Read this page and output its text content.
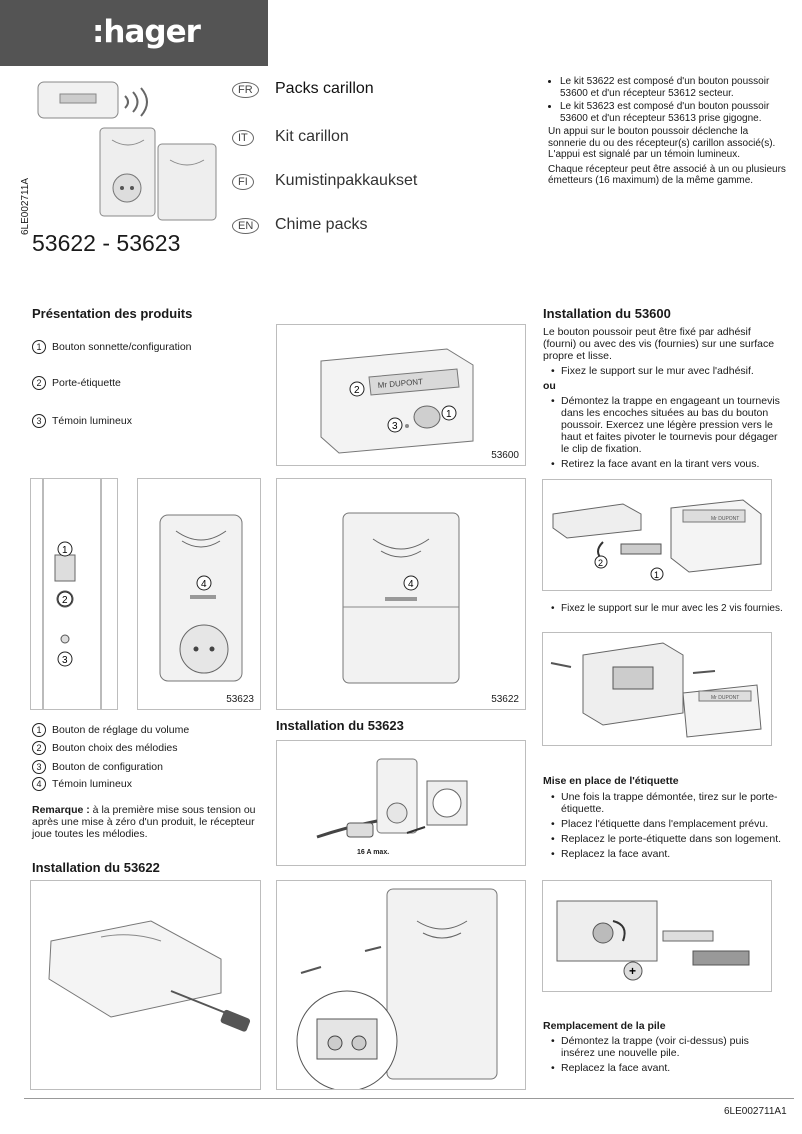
:hager
6LE002711A
53622 - 53623
FR	Packs carillon
IT	Kit carillon
FI	Kumistinpakkaukset
EN	Chime packs
• Le kit 53622 est composé d'un bouton poussoir 53600 et d'un récepteur 53612 secteur.
• Le kit 53623 est composé d'un bouton poussoir 53600 et d'un récepteur 53613 prise gigogne.

Un appui sur le bouton poussoir déclenche la sonnerie du ou des récepteur(s) carillon associé(s). L'appui est signalé par un témoin lumineux.

Chaque récepteur peut être associé à un ou plusieurs émetteurs (16 maximum) de la même gamme.

Présentation des produits
1	Bouton sonnette/configuration
2	Porte-étiquette
3	Témoin lumineux
Mr DUPONT
2
3
1
53600
1
2
3
4
53623
4
53622
1	Bouton de réglage du volume
2	Bouton choix des mélodies
3	Bouton de configuration
4	Témoin lumineux
Remarque : à la première mise sous tension ou après une mise à zéro d'un produit, le récepteur joue toutes les mélodies.
Installation du 53623
16 A max.
Installation du 53622
Installation du 53600

Le bouton poussoir peut être fixé par adhésif (fourni) ou avec des vis (fournies) sur une surface propre et lisse.

• Fixez le support sur le mur avec l'adhésif.

ou

• Démontez la trappe en engageant un tournevis dans les encoches situées au bas du bouton poussoir. Exercez une légère pression vers le haut et faites pivoter le tournevis pour dégager le clip de fixation.
• Retirez la face avant en la tirant vers vous.
Mr DUPONT
2
1
• Fixez le support sur le mur avec les 2 vis fournies.
Mr DUPONT
Mise en place de l'étiquette
• Une fois la trappe démontée, tirez sur le porte-étiquette.
• Placez l'étiquette dans l'emplacement prévu.
• Replacez le porte-étiquette dans son logement.
• Replacez la face avant.
+
Remplacement de la pile
• Démontez la trappe (voir ci-dessus) puis insérez une nouvelle pile.
• Replacez la face avant.
6LE002711A1
